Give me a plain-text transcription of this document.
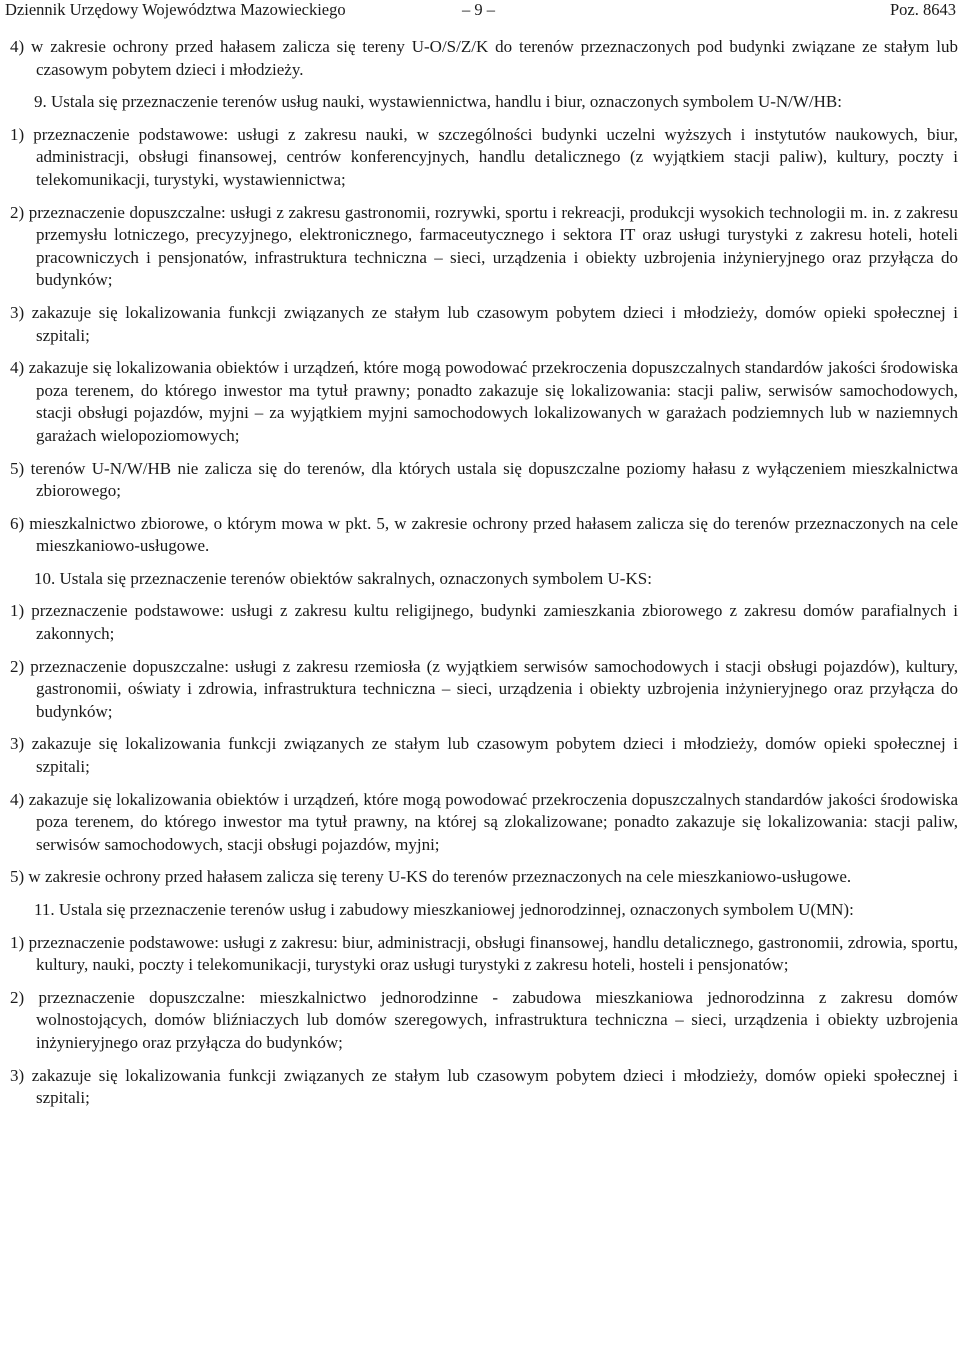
Dziennik Urzędowy Województwa Mazowieckiego	– 9 –	Poz. 8643

4) w zakresie ochrony przed hałasem zalicza się tereny U-O/S/Z/K do terenów przeznaczonych pod budynki związane ze stałym lub czasowym pobytem dzieci i młodzieży.

9. Ustala się przeznaczenie terenów usług nauki, wystawiennictwa, handlu i biur, oznaczonych symbolem U-N/W/HB:

1) przeznaczenie podstawowe: usługi z zakresu nauki, w szczególności budynki uczelni wyższych i instytutów naukowych, biur, administracji, obsługi finansowej, centrów konferencyjnych, handlu detalicznego (z wyjątkiem stacji paliw), kultury, poczty i telekomunikacji, turystyki, wystawiennictwa;

2) przeznaczenie dopuszczalne: usługi z zakresu gastronomii, rozrywki, sportu i rekreacji, produkcji wysokich technologii m. in. z zakresu przemysłu lotniczego, precyzyjnego, elektronicznego, farmaceutycznego i sektora IT oraz usługi turystyki z zakresu hoteli, hoteli pracowniczych i pensjonatów, infrastruktura techniczna – sieci, urządzenia i obiekty uzbrojenia inżynieryjnego oraz przyłącza do budynków;

3) zakazuje się lokalizowania funkcji związanych ze stałym lub czasowym pobytem dzieci i młodzieży, domów opieki społecznej i szpitali;

4) zakazuje się lokalizowania obiektów i urządzeń, które mogą powodować przekroczenia dopuszczalnych standardów jakości środowiska poza terenem, do którego inwestor ma tytuł prawny; ponadto zakazuje się lokalizowania: stacji paliw, serwisów samochodowych, stacji obsługi pojazdów, myjni – za wyjątkiem myjni samochodowych lokalizowanych w garażach podziemnych lub w naziemnych garażach wielopoziomowych;

5) terenów U-N/W/HB nie zalicza się do terenów, dla których ustala się dopuszczalne poziomy hałasu z wyłączeniem mieszkalnictwa zbiorowego;

6) mieszkalnictwo zbiorowe, o którym mowa w pkt. 5, w zakresie ochrony przed hałasem zalicza się do terenów przeznaczonych na cele mieszkaniowo-usługowe.

10. Ustala się przeznaczenie terenów obiektów sakralnych, oznaczonych symbolem U-KS:

1) przeznaczenie podstawowe: usługi z zakresu kultu religijnego, budynki zamieszkania zbiorowego z zakresu domów parafialnych i zakonnych;

2) przeznaczenie dopuszczalne: usługi z zakresu rzemiosła (z wyjątkiem serwisów samochodowych i stacji obsługi pojazdów), kultury, gastronomii, oświaty i zdrowia, infrastruktura techniczna – sieci, urządzenia i obiekty uzbrojenia inżynieryjnego oraz przyłącza do budynków;

3) zakazuje się lokalizowania funkcji związanych ze stałym lub czasowym pobytem dzieci i młodzieży, domów opieki społecznej i szpitali;

4) zakazuje się lokalizowania obiektów i urządzeń, które mogą powodować przekroczenia dopuszczalnych standardów jakości środowiska poza terenem, do którego inwestor ma tytuł prawny, na której są zlokalizowane; ponadto zakazuje się lokalizowania: stacji paliw, serwisów samochodowych, stacji obsługi pojazdów, myjni;

5) w zakresie ochrony przed hałasem zalicza się tereny U-KS do terenów przeznaczonych na cele mieszkaniowo-usługowe.

11. Ustala się przeznaczenie terenów usług i zabudowy mieszkaniowej jednorodzinnej, oznaczonych symbolem U(MN):

1) przeznaczenie podstawowe: usługi z zakresu: biur, administracji, obsługi finansowej, handlu detalicznego, gastronomii, zdrowia, sportu, kultury, nauki, poczty i telekomunikacji, turystyki oraz usługi turystyki z zakresu hoteli, hosteli i pensjonatów;

2) przeznaczenie dopuszczalne: mieszkalnictwo jednorodzinne - zabudowa mieszkaniowa jednorodzinna z zakresu domów wolnostojących, domów bliźniaczych lub domów szeregowych, infrastruktura techniczna – sieci, urządzenia i obiekty uzbrojenia inżynieryjnego oraz przyłącza do budynków;

3) zakazuje się lokalizowania funkcji związanych ze stałym lub czasowym pobytem dzieci i młodzieży, domów opieki społecznej i szpitali;
